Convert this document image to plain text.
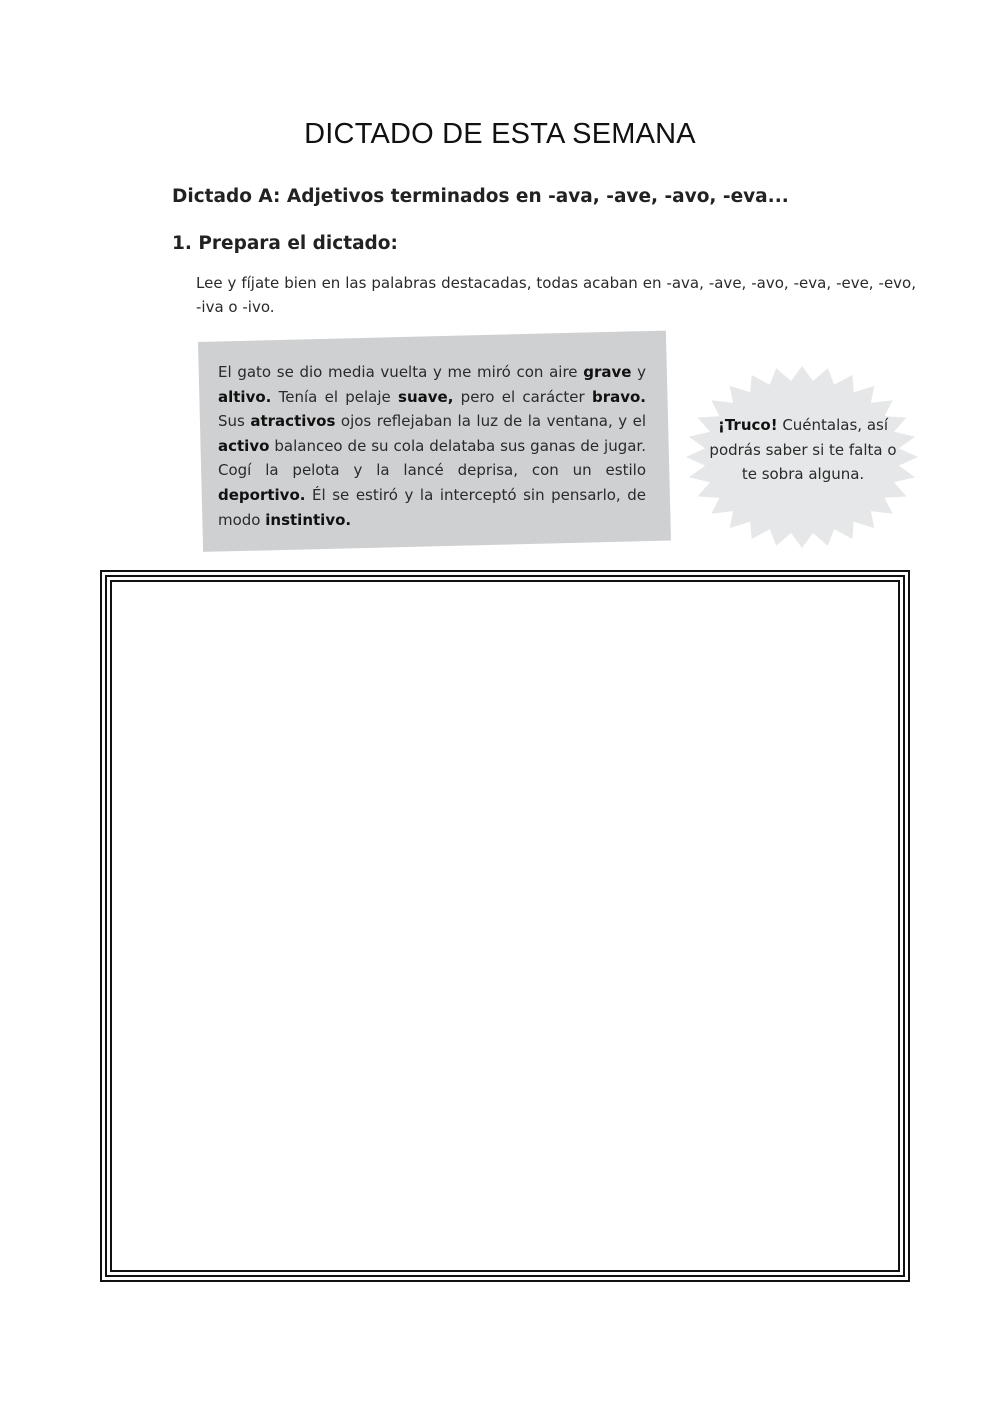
DICTADO DE ESTA SEMANA
Dictado A: Adjetivos terminados en -ava, -ave, -avo, -eva...
1. Prepara el dictado:
Lee y fíjate bien en las palabras destacadas, todas acaban en -ava, -ave, -avo, -eva, -eve, -evo, -iva o -ivo.
El gato se dio media vuelta y me miró con aire grave y altivo. Tenía el pelaje suave, pero el carácter bravo. Sus atractivos ojos reflejaban la luz de la ventana, y el activo balanceo de su cola delataba sus ganas de jugar. Cogí la pelota y la lancé deprisa, con un estilo deportivo. Él se estiró y la interceptó sin pensarlo, de modo instintivo.
¡Truco! Cuéntalas, así podrás saber si te falta o te sobra alguna.
